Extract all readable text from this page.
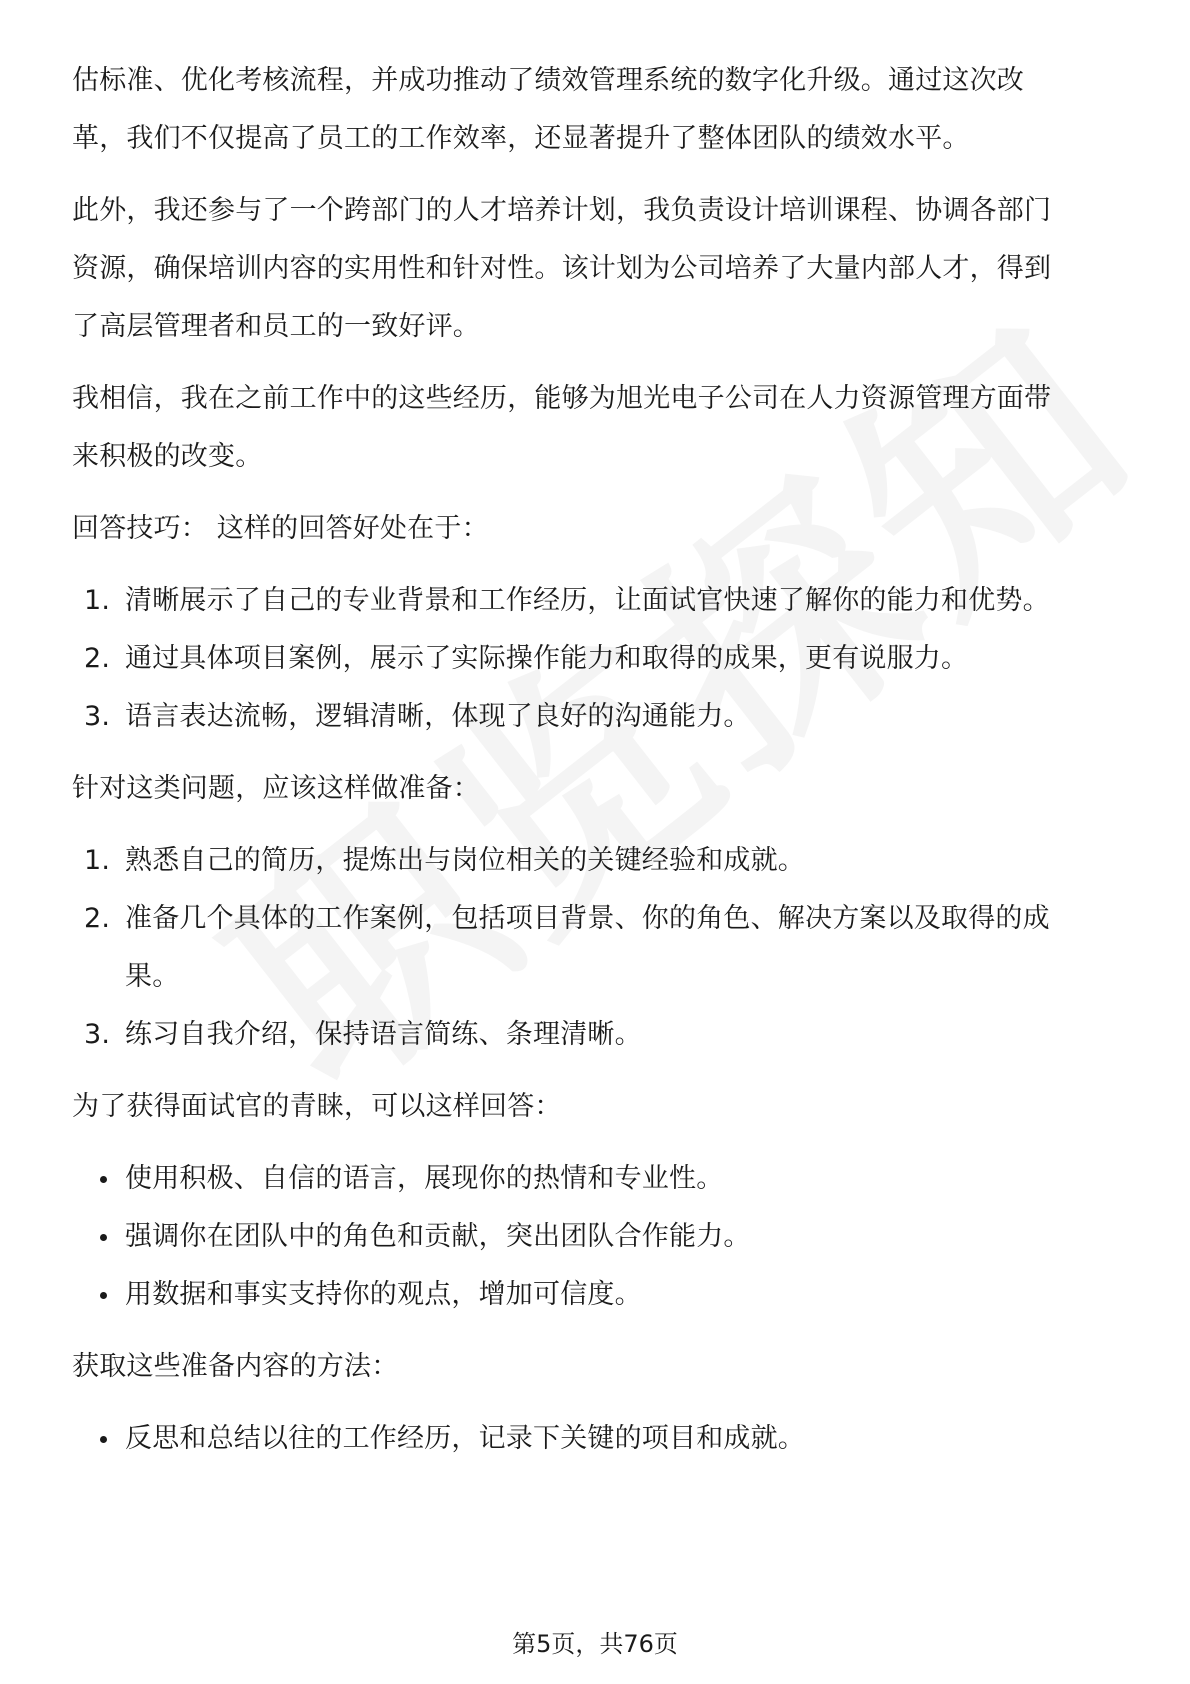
估标准、优化考核流程，并成功推动了绩效管理系统的数字化升级。通过这次改
革，我们不仅提高了员工的工作效率，还显著提升了整体团队的绩效水平。

此外，我还参与了一个跨部门的人才培养计划，我负责设计培训课程、协调各部门
资源，确保培训内容的实用性和针对性。该计划为公司培养了大量内部人才，得到
了高层管理者和员工的一致好评。

我相信，我在之前工作中的这些经历，能够为旭光电子公司在人力资源管理方面带
来积极的改变。

回答技巧： 这样的回答好处在于：

1. 清晰展示了自己的专业背景和工作经历，让面试官快速了解你的能力和优势。
2. 通过具体项目案例，展示了实际操作能力和取得的成果，更有说服力。
3. 语言表达流畅，逻辑清晰，体现了良好的沟通能力。

针对这类问题，应该这样做准备：

1. 熟悉自己的简历，提炼出与岗位相关的关键经验和成就。
2. 准备几个具体的工作案例，包括项目背景、你的角色、解决方案以及取得的成
果。
3. 练习自我介绍，保持语言简练、条理清晰。

为了获得面试官的青睐，可以这样回答：

使用积极、自信的语言，展现你的热情和专业性。
强调你在团队中的角色和贡献，突出团队合作能力。
用数据和事实支持你的观点，增加可信度。

获取这些准备内容的方法：

反思和总结以往的工作经历，记录下关键的项目和成就。
第5页，共76页
